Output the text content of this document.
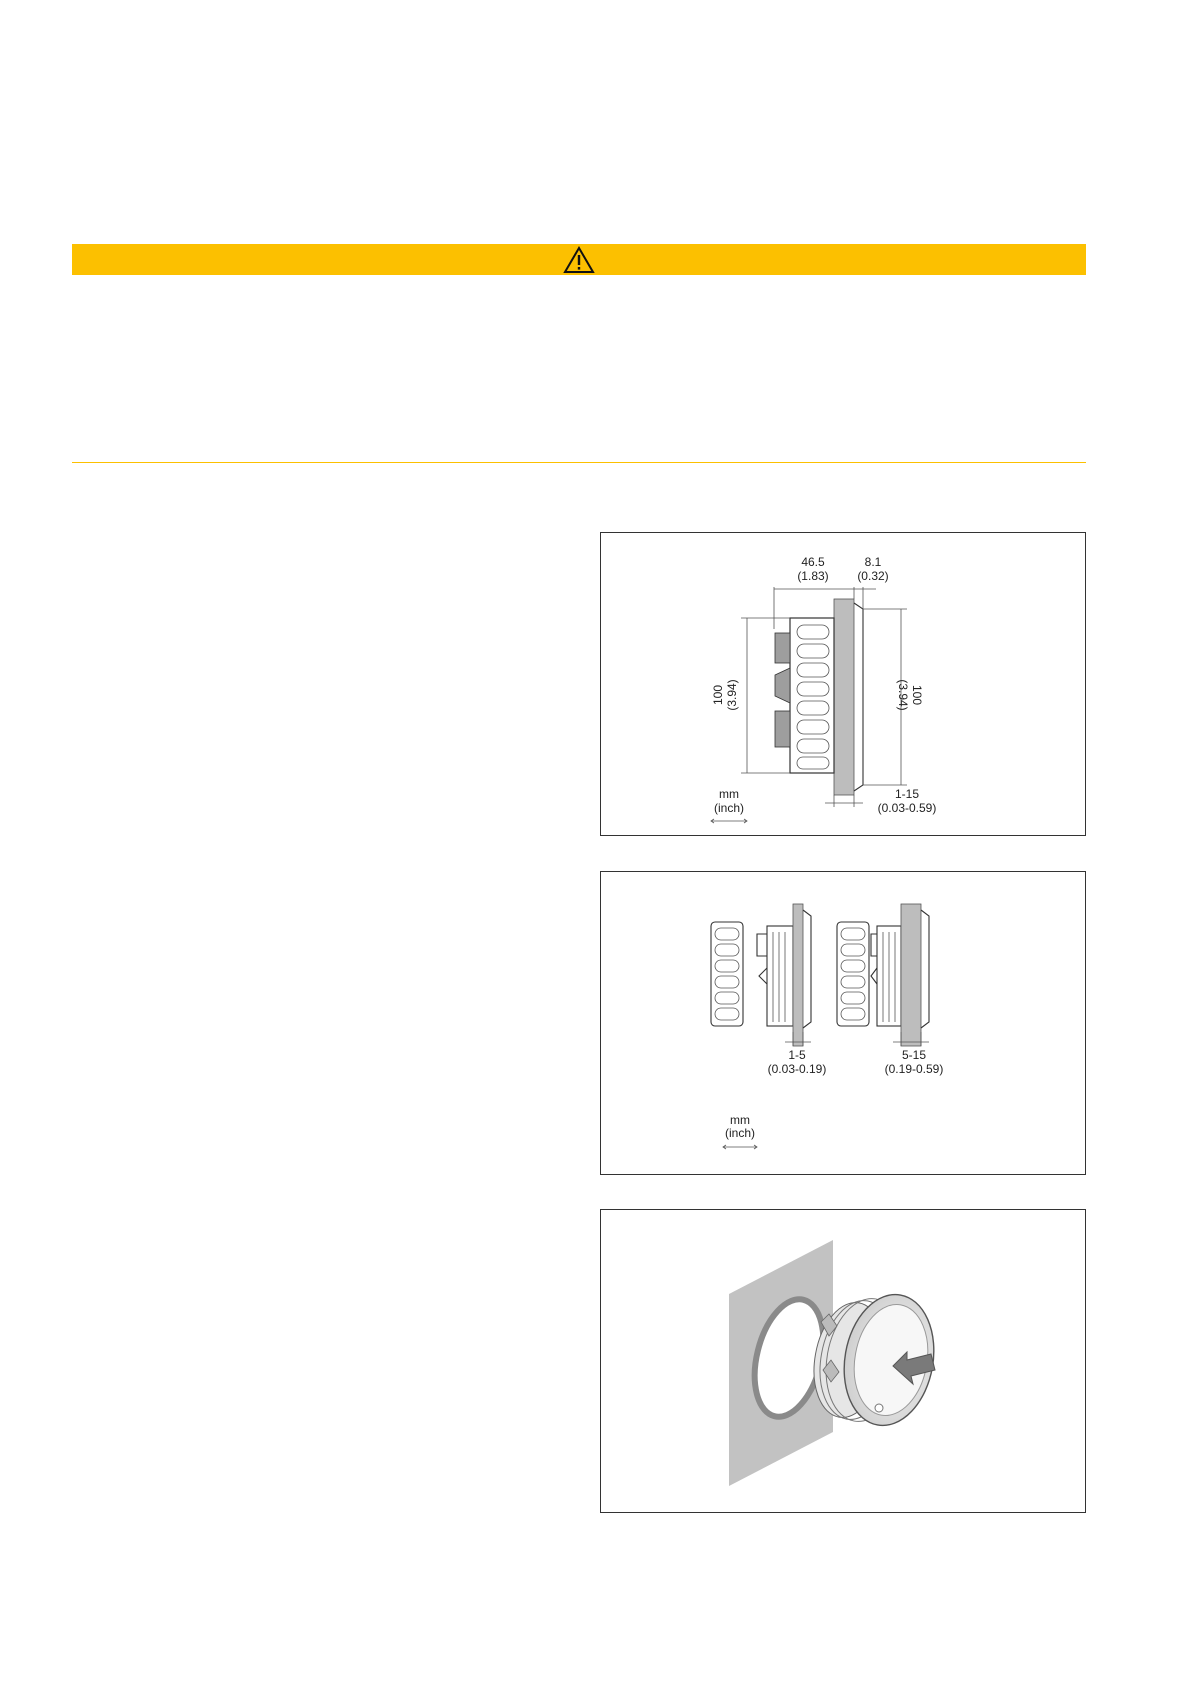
46.5
(1.83)
8.1
(0.32)
100 (3.94)	100
(3.94)
1-15
(0.03-0.59)
mm
(inch)
1-5
(0.03-0.19)
5-15
(0.19-0.59)
mm
(inch)
